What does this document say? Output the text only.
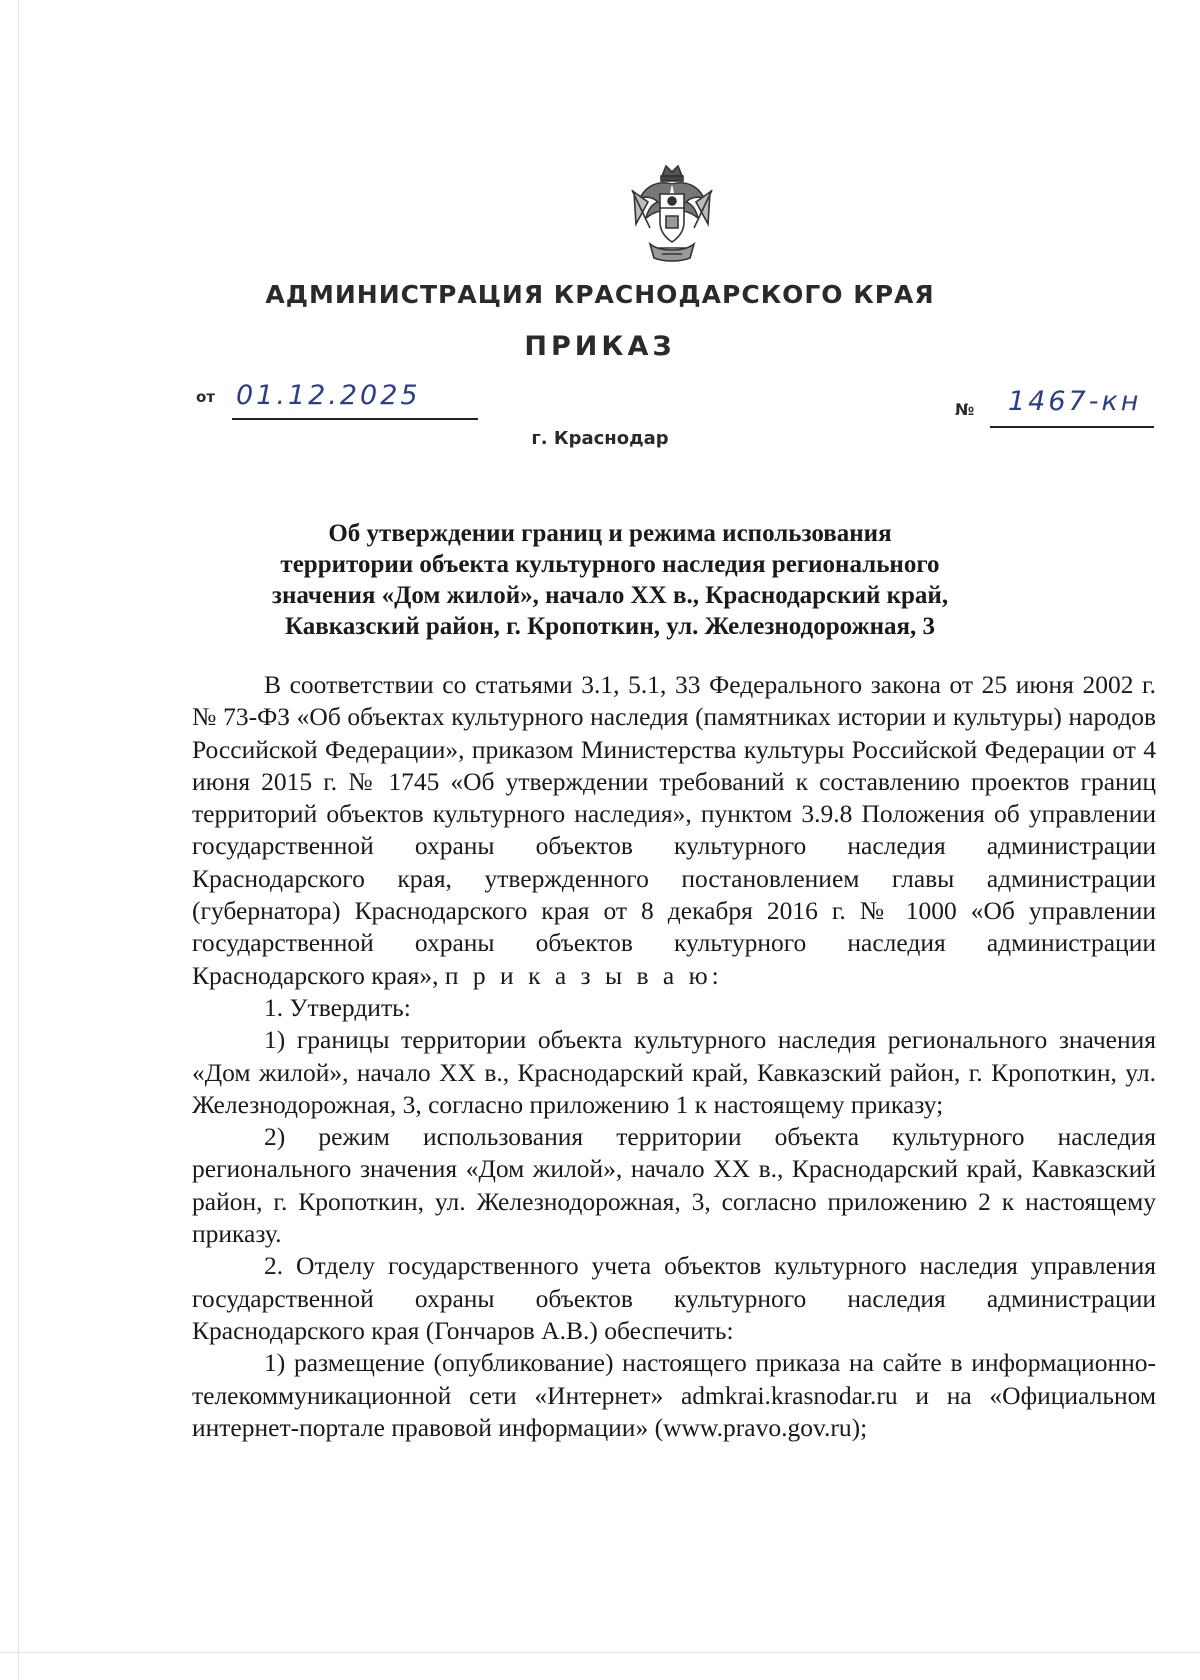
АДМИНИСТРАЦИЯ КРАСНОДАРСКОГО КРАЯ
ПРИКАЗ
от 01.12.2025	№ 1467-кн
г. Краснодар
Об утверждении границ и режима использования
территории объекта культурного наследия регионального
значения «Дом жилой», начало XX в., Краснодарский край,
Кавказский район, г. Кропоткин, ул. Железнодорожная, 3

В соответствии со статьями 3.1, 5.1, 33 Федерального закона от 25 июня 2002 г. № 73-ФЗ «Об объектах культурного наследия (памятниках истории и культуры) народов Российской Федерации», приказом Министерства культуры Российской Федерации от 4 июня 2015 г. № 1745 «Об утверждении требований к составлению проектов границ территорий объектов культурного наследия», пунктом 3.9.8 Положения об управлении государственной охраны объектов культурного наследия администрации Краснодарского края, утвержденного постановлением главы администрации (губернатора) Краснодарского края от 8 декабря 2016 г. № 1000 «Об управлении государственной охраны объектов культурного наследия администрации Краснодарского края», п р и к а з ы в а ю:

1. Утвердить:

1) границы территории объекта культурного наследия регионального значения «Дом жилой», начало XX в., Краснодарский край, Кавказский район, г. Кропоткин, ул. Железнодорожная, 3, согласно приложению 1 к настоящему приказу;

2) режим использования территории объекта культурного наследия регионального значения «Дом жилой», начало XX в., Краснодарский край, Кавказский район, г. Кропоткин, ул. Железнодорожная, 3, согласно приложению 2 к настоящему приказу.

2. Отделу государственного учета объектов культурного наследия управления государственной охраны объектов культурного наследия администрации Краснодарского края (Гончаров А.В.) обеспечить:

1) размещение (опубликование) настоящего приказа на сайте в информационно-телекоммуникационной сети «Интернет» admkrai.krasnodar.ru и на «Официальном интернет-портале правовой информации» (www.pravo.gov.ru);
